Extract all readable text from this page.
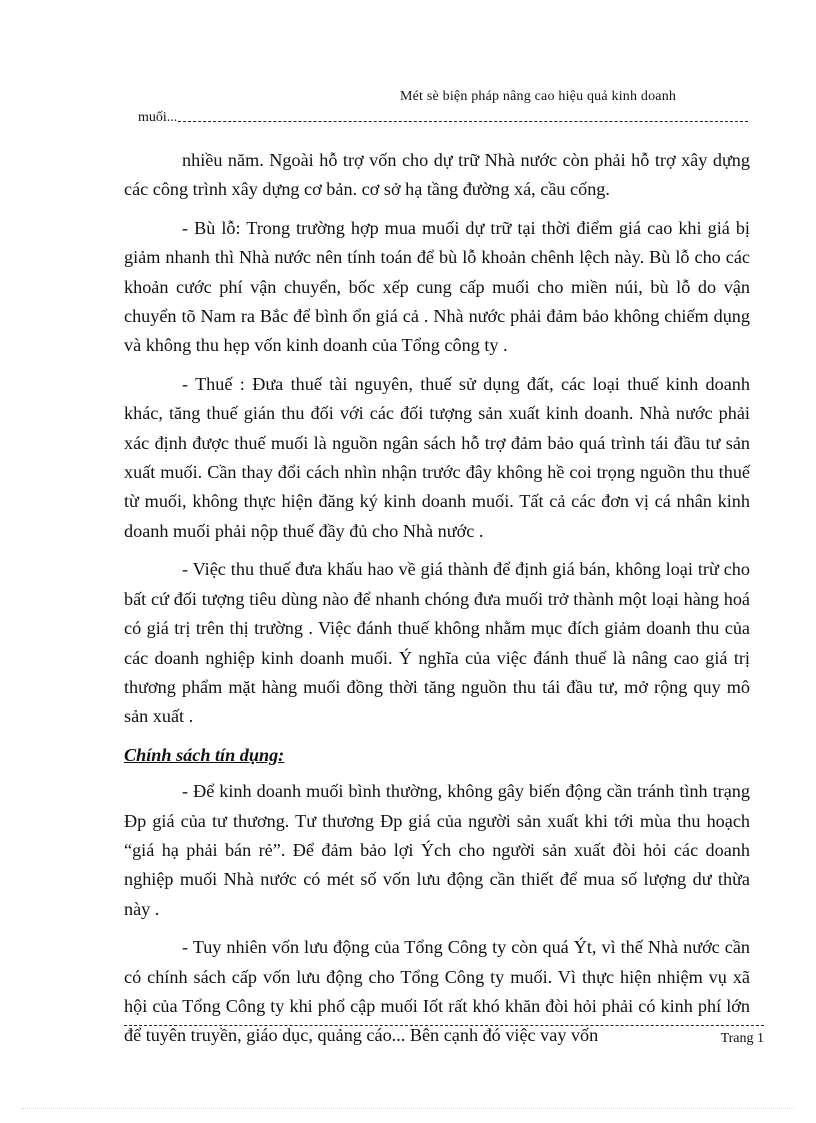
Mét sè biện pháp nâng cao hiệu quả kinh doanh
muối...

nhiều năm. Ngoài hỗ trợ vốn cho dự trữ Nhà nước còn phải hỗ trợ xây dựng các công trình xây dựng cơ bản. cơ sở hạ tầng đường xá, cầu cống.

- Bù lỗ: Trong trường hợp mua muối dự trữ tại thời điểm giá cao khi giá bị giảm nhanh thì Nhà nước nên tính toán để bù lỗ khoản chênh lệch này. Bù lỗ cho các khoản cước phí vận chuyển, bốc xếp cung cấp muối cho miền núi, bù lỗ do vận chuyển tõ Nam ra Bắc để bình ổn giá cả . Nhà nước phải đảm bảo không chiếm dụng và không thu hẹp vốn kinh doanh của Tổng công ty .

- Thuế : Đưa thuế tài nguyên, thuế sử dụng đất, các loại thuế kinh doanh khác, tăng thuế gián thu đối với các đối tượng sản xuất kinh doanh. Nhà nước phải xác định được thuế muối là nguồn ngân sách hỗ trợ đảm bảo quá trình tái đầu tư sản xuất muối. Cần thay đổi cách nhìn nhận trước đây không hề coi trọng nguồn thu thuế từ muối, không thực hiện đăng ký kinh doanh muối. Tất cả các đơn vị cá nhân kinh doanh muối phải nộp thuế đầy đủ cho Nhà nước .

- Việc thu thuế đưa khấu hao về giá thành để định giá bán, không loại trừ cho bất cứ đối tượng tiêu dùng nào để nhanh chóng đưa muối trở thành một loại hàng hoá có giá trị trên thị trường . Việc đánh thuế không nhằm mục đích giảm doanh thu của các doanh nghiệp kinh doanh muối. Ý nghĩa của việc đánh thuế là nâng cao giá trị thương phẩm mặt hàng muối đồng thời tăng nguồn thu tái đầu tư, mở rộng quy mô sản xuất .

Chính sách tín dụng:

- Để kinh doanh muối bình thường, không gây biến động cần tránh tình trạng Ðp giá của tư thương. Tư thương Ðp giá của người sản xuất khi tới mùa thu hoạch “giá hạ phải bán rẻ”. Để đảm bảo lợi Ých cho người sản xuất đòi hỏi các doanh nghiệp muối Nhà nước có mét số vốn lưu động cần thiết để mua số lượng dư thừa này .

- Tuy nhiên vốn lưu động của Tổng Công ty còn quá Ýt, vì thế Nhà nước cần có chính sách cấp vốn lưu động cho Tổng Công ty muối. Vì thực hiện nhiệm vụ xã hội của Tổng Công ty khi phổ cập muối Iốt rất khó khăn đòi hỏi phải có kinh phí lớn để tuyên truyền, giáo dục, quảng cáo... Bên cạnh đó việc vay vốn	Trang 1
